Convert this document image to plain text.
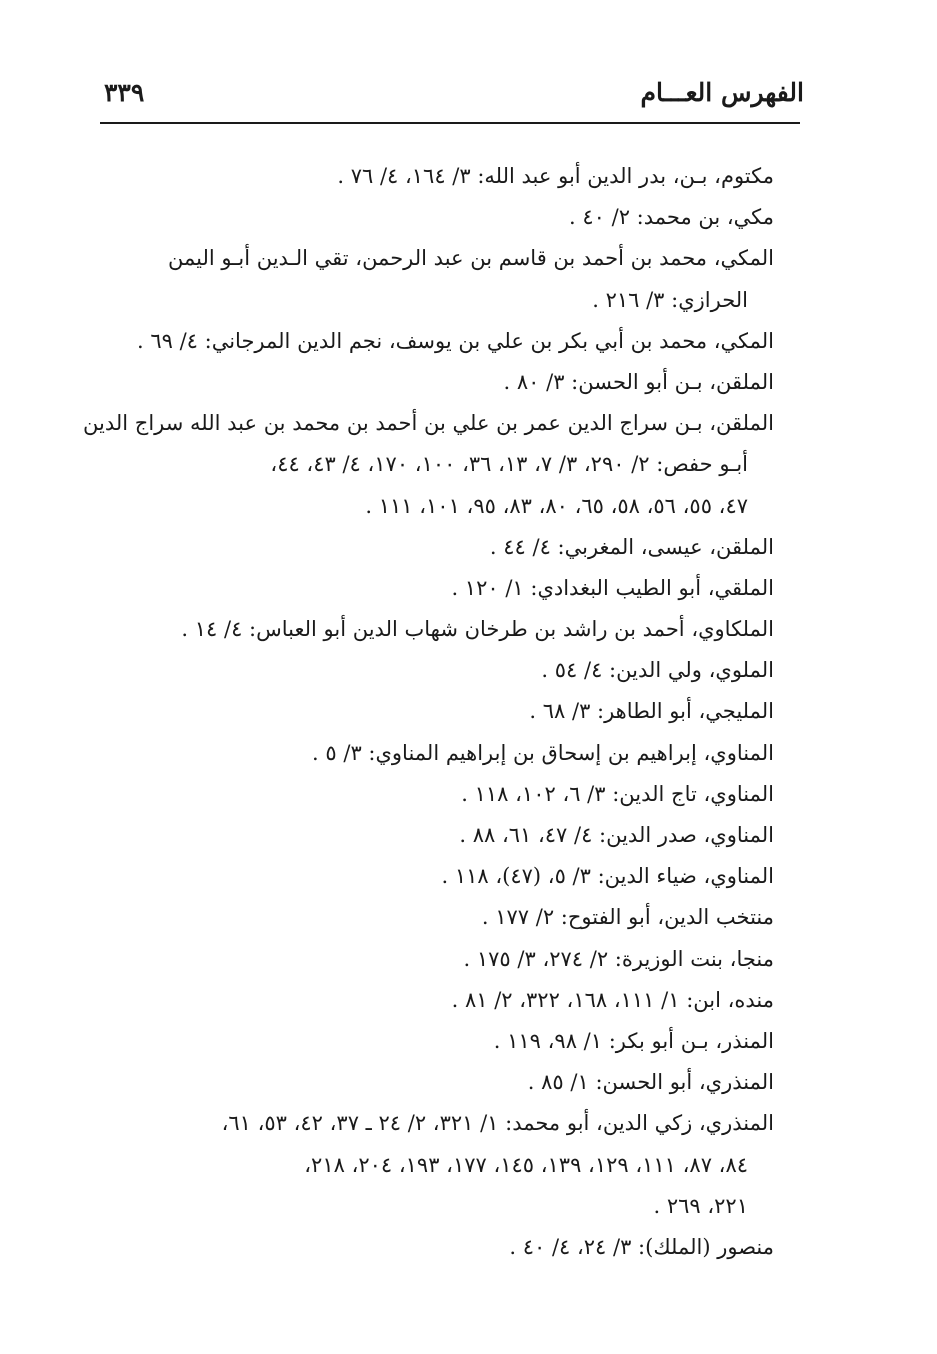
الفهرس العـــام
٣٣٩
مكتوم، بـن، بدر الدين أبو عبد الله: ٣/ ١٦٤، ٤/ ٧٦ .
مكي، بن محمد: ٢/ ٤٠ .
المكي، محمد بن أحمد بن قاسم بن عبد الرحمن، تقي الـدين أبـو اليمن
الحرازي: ٣/ ٢١٦ .
المكي، محمد بن أبي بكر بن علي بن يوسف، نجم الدين المرجاني: ٤/ ٦٩ .
الملقن، بـن أبو الحسن: ٣/ ٨٠ .
الملقن، بـن سراج الدين عمر بن علي بن أحمد بن محمد بن عبد الله سراج الدين
أبـو حفص: ٢/ ٢٩٠، ٣/ ٧، ١٣، ٣٦، ١٠٠، ١٧٠، ٤/ ٤٣، ٤٤،
٤٧، ٥٥، ٥٦، ٥٨، ٦٥، ٨٠، ٨٣، ٩٥، ١٠١، ١١١ .
الملقن، عيسى، المغربي: ٤/ ٤٤ .
الملقي، أبو الطيب البغدادي: ١/ ١٢٠ .
الملكاوي، أحمد بن راشد بن طرخان شهاب الدين أبو العباس: ٤/ ١٤ .
الملوي، ولي الدين: ٤/ ٥٤ .
المليجي، أبو الطاهر: ٣/ ٦٨ .
المناوي، إبراهيم بن إسحاق بن إبراهيم المناوي: ٣/ ٥ .
المناوي، تاج الدين: ٣/ ٦، ١٠٢، ١١٨ .
المناوي، صدر الدين: ٤/ ٤٧، ٦١، ٨٨ .
المناوي، ضياء الدين: ٣/ ٥، (٤٧)، ١١٨ .
منتخب الدين، أبو الفتوح: ٢/ ١٧٧ .
منجا، بنت الوزيرة: ٢/ ٢٧٤، ٣/ ١٧٥ .
منده، ابن: ١/ ١١١، ١٦٨، ٣٢٢، ٢/ ٨١ .
المنذر، بـن أبو بكر: ١/ ٩٨، ١١٩ .
المنذري، أبو الحسن: ١/ ٨٥ .
المنذري، زكي الدين، أبو محمد: ١/ ٣٢١، ٢/ ٢٤ ـ ٣٧، ٤٢، ٥٣، ٦١،
٨٤، ٨٧، ١١١، ١٢٩، ١٣٩، ١٤٥، ١٧٧، ١٩٣، ٢٠٤، ٢١٨،
٢٢١، ٢٦٩ .
منصور (الملك): ٣/ ٢٤، ٤/ ٤٠ .
